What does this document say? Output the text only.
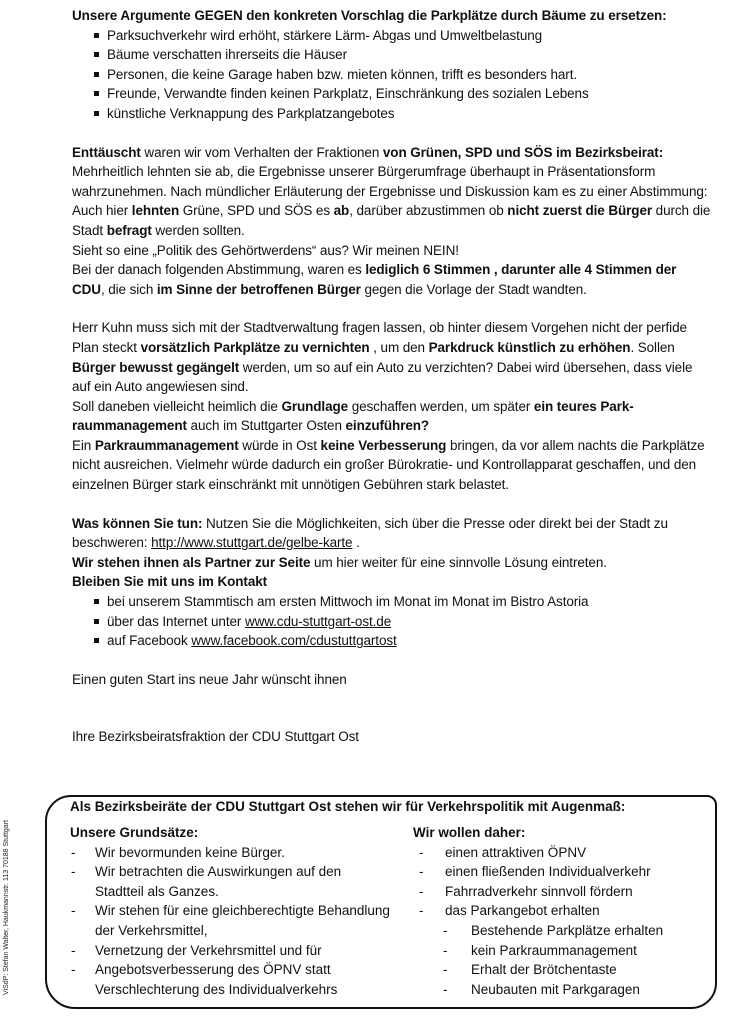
Unsere Argumente GEGEN den konkreten Vorschlag die Parkplätze durch Bäume zu ersetzen:

Parksuchverkehr wird erhöht, stärkere Lärm- Abgas und Umweltbelastung
Bäume verschatten ihrerseits die Häuser
Personen, die keine Garage haben bzw. mieten können, trifft es besonders hart.
Freunde, Verwandte finden keinen Parkplatz, Einschränkung des sozialen Lebens
künstliche Verknappung des Parkplatzangebotes

Enttäuscht waren wir vom Verhalten der Fraktionen von Grünen, SPD und SÖS im Bezirksbeirat: Mehrheitlich lehnten sie ab, die Ergebnisse unserer Bürgerumfrage überhaupt in Präsentationsform wahrzunehmen. Nach mündlicher Erläuterung der Ergebnisse und Diskussion kam es zu einer Abstimmung: Auch hier lehnten Grüne, SPD und SÖS es ab, darüber abzustimmen ob nicht zuerst die Bürger durch die Stadt befragt werden sollten.

Sieht so eine „Politik des Gehörtwerdens“ aus? Wir meinen NEIN!

Bei der danach folgenden Abstimmung, waren es lediglich 6 Stimmen , darunter alle 4 Stimmen der CDU, die sich im Sinne der betroffenen Bürger gegen die Vorlage der Stadt wandten.

Herr Kuhn muss sich mit der Stadtverwaltung fragen lassen, ob hinter diesem Vorgehen nicht der perfide Plan steckt vorsätzlich Parkplätze zu vernichten , um den Parkdruck künstlich zu erhöhen. Sollen Bürger bewusst gegängelt werden, um so auf ein Auto zu verzichten? Dabei wird übersehen, dass viele auf ein Auto angewiesen sind.

Soll daneben vielleicht heimlich die Grundlage geschaffen werden, um später ein teures Parkraummanagement auch im Stuttgarter Osten einzuführen?

Ein Parkraummanagement würde in Ost keine Verbesserung bringen, da vor allem nachts die Parkplätze nicht ausreichen. Vielmehr würde dadurch ein großer Bürokratie- und Kontrollapparat geschaffen, und den einzelnen Bürger stark einschränkt mit unnötigen Gebühren stark belastet.

Was können Sie tun: Nutzen Sie die Möglichkeiten, sich über die Presse oder direkt bei der Stadt zu beschweren: http://www.stuttgart.de/gelbe-karte .

Wir stehen ihnen als Partner zur Seite um hier weiter für eine sinnvolle Lösung eintreten.

Bleiben Sie mit uns im Kontakt

bei unserem Stammtisch am ersten Mittwoch im Monat im Monat im Bistro Astoria
über das Internet unter www.cdu-stuttgart-ost.de
auf Facebook www.facebook.com/cdustuttgartost

Einen guten Start ins neue Jahr wünscht ihnen

Ihre Bezirksbeiratsfraktion der CDU Stuttgart Ost

ViSdP: Stefan Walter, Haukmannstr. 113 70188 Stuttgart
Als Bezirksbeiräte der CDU Stuttgart Ost stehen wir für Verkehrspolitik mit Augenmaß:
Unsere Grundsätze:
- Wir bevormunden keine Bürger.
- Wir betrachten die Auswirkungen auf den Stadtteil als Ganzes.
- Wir stehen für eine gleichberechtigte Behandlung der Verkehrsmittel,
- Vernetzung der Verkehrsmittel und für
- Angebotsverbesserung des ÖPNV statt Verschlechterung des Individualverkehrs
Wir wollen daher:
- einen attraktiven ÖPNV
- einen fließenden Individualverkehr
- Fahrradverkehr sinnvoll fördern
- das Parkangebot erhalten
- Bestehende Parkplätze erhalten
- kein Parkraummanagement
- Erhalt der Brötchentaste
- Neubauten mit Parkgaragen
